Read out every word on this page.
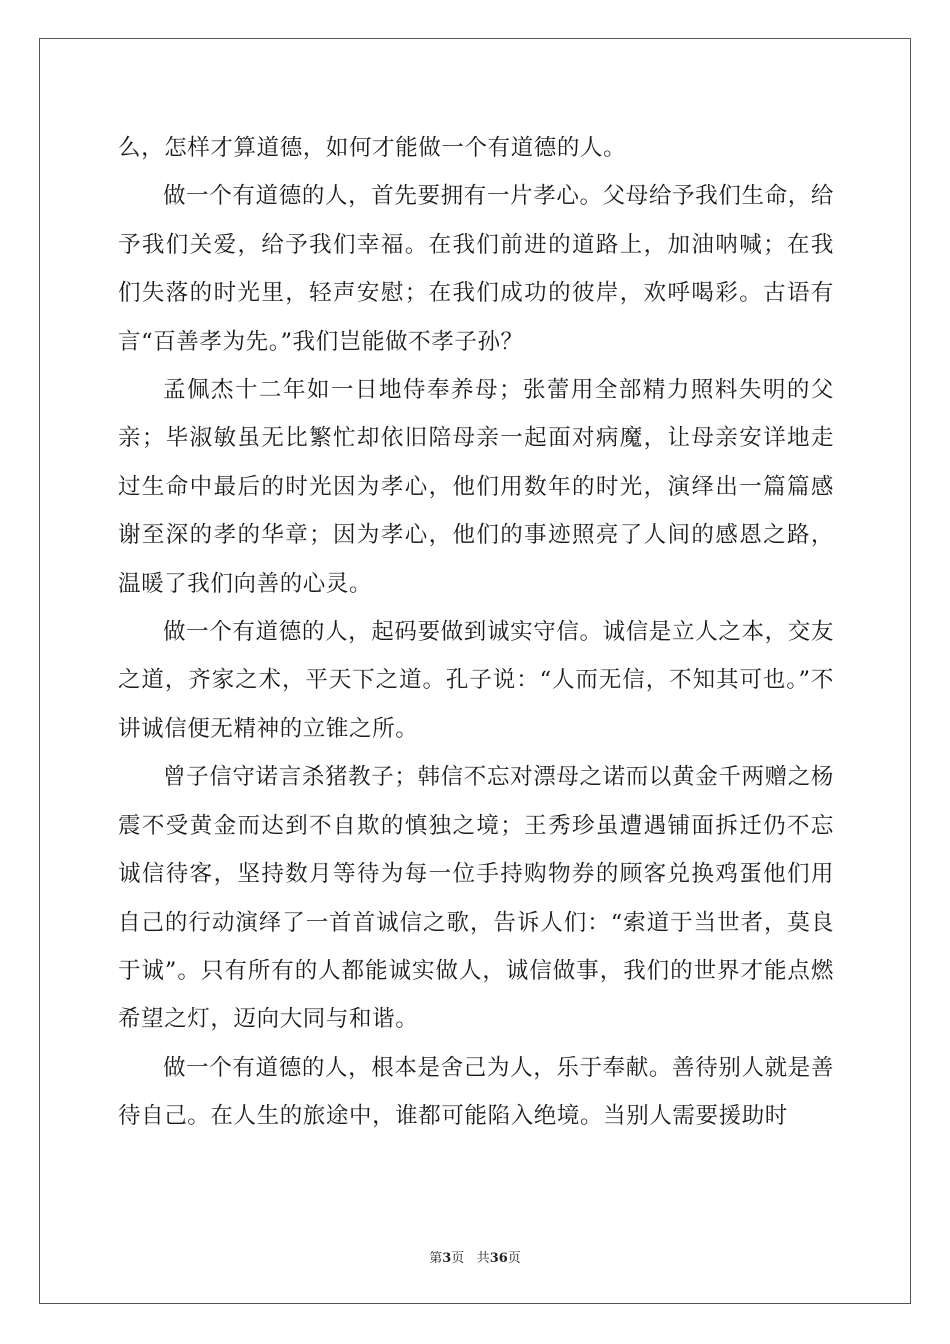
么，怎样才算道德，如何才能做一个有道德的人。

做一个有道德的人，首先要拥有一片孝心。父母给予我们生命，给予我们关爱，给予我们幸福。在我们前进的道路上，加油呐喊；在我们失落的时光里，轻声安慰；在我们成功的彼岸，欢呼喝彩。古语有言“百善孝为先。”我们岂能做不孝子孙？

孟佩杰十二年如一日地侍奉养母；张蕾用全部精力照料失明的父亲；毕淑敏虽无比繁忙却依旧陪母亲一起面对病魔，让母亲安详地走过生命中最后的时光因为孝心，他们用数年的时光，演绎出一篇篇感谢至深的孝的华章；因为孝心，他们的事迹照亮了人间的感恩之路，温暖了我们向善的心灵。

做一个有道德的人，起码要做到诚实守信。诚信是立人之本，交友之道，齐家之术，平天下之道。孔子说：“人而无信，不知其可也。”不讲诚信便无精神的立锥之所。

曾子信守诺言杀猪教子；韩信不忘对漂母之诺而以黄金千两赠之杨震不受黄金而达到不自欺的慎独之境；王秀珍虽遭遇铺面拆迁仍不忘诚信待客，坚持数月等待为每一位手持购物券的顾客兑换鸡蛋他们用自己的行动演绎了一首首诚信之歌，告诉人们：“索道于当世者，莫良于诚”。只有所有的人都能诚实做人，诚信做事，我们的世界才能点燃希望之灯，迈向大同与和谐。

做一个有道德的人，根本是舍己为人，乐于奉献。善待别人就是善待自己。在人生的旅途中，谁都可能陷入绝境。当别人需要援助时

第3页 共36页
